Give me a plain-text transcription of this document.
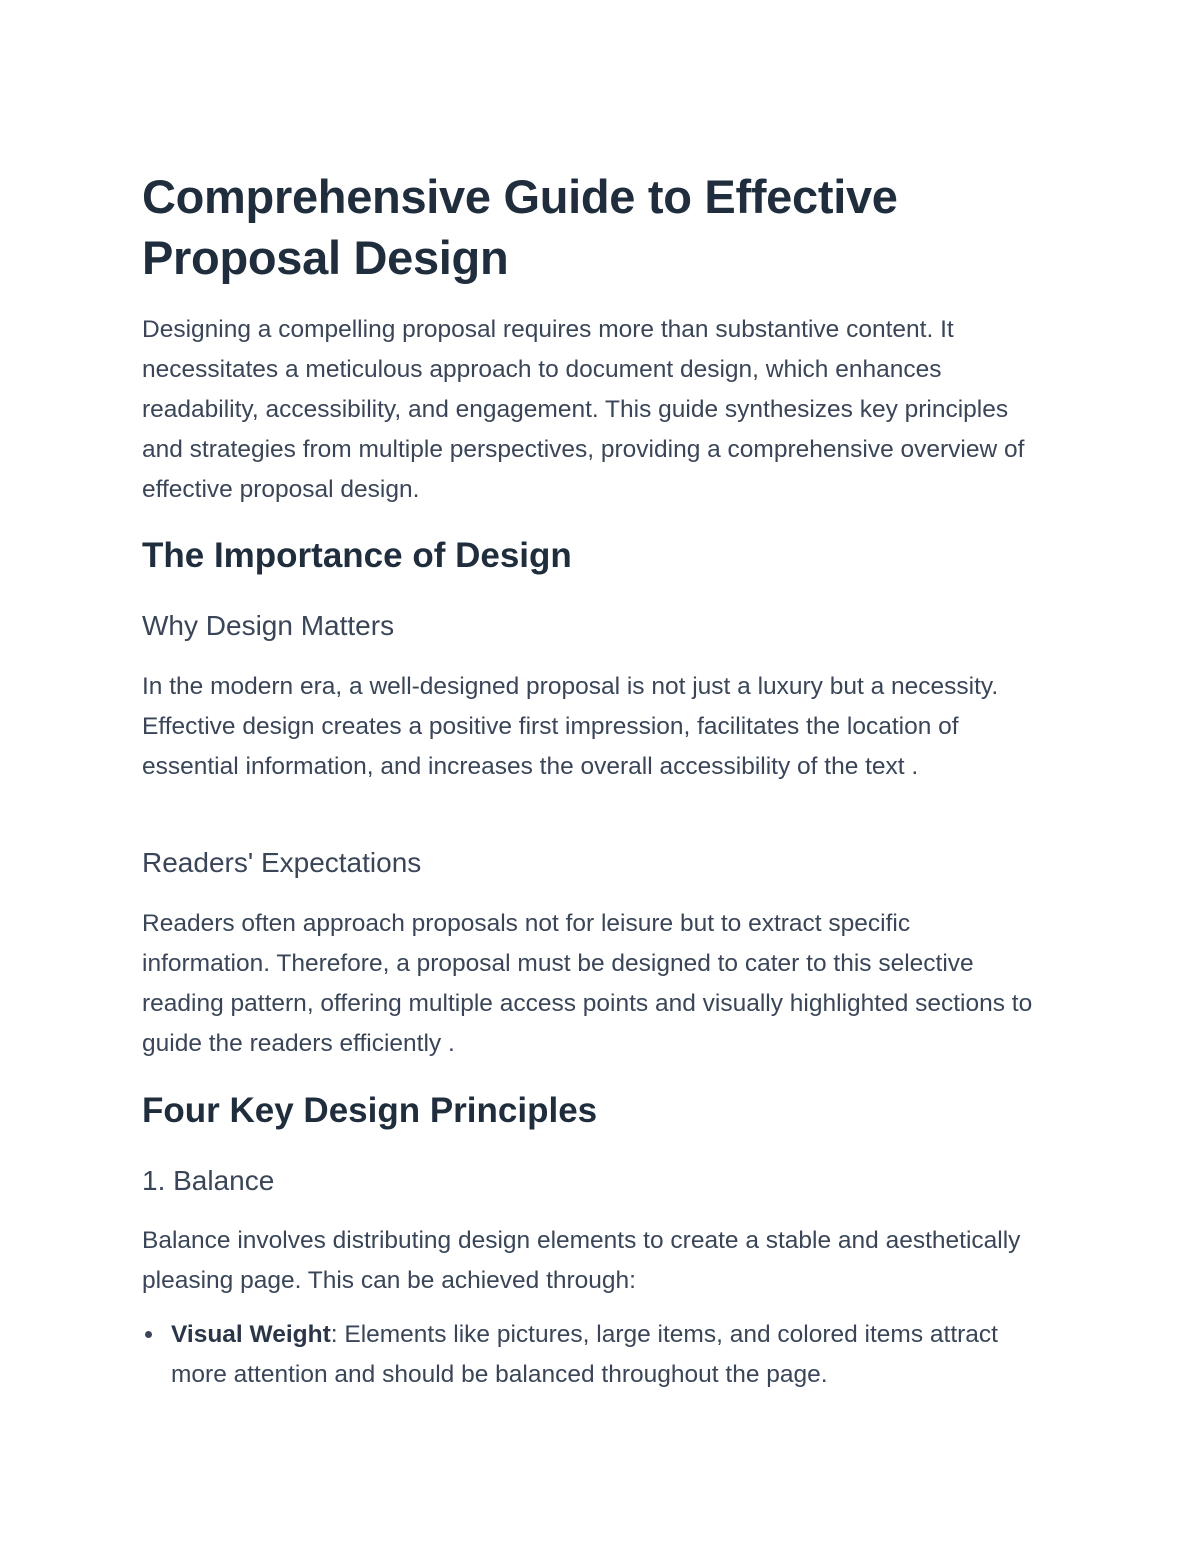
Comprehensive Guide to Effective Proposal Design

Designing a compelling proposal requires more than substantive content. It necessitates a meticulous approach to document design, which enhances readability, accessibility, and engagement. This guide synthesizes key principles and strategies from multiple perspectives, providing a comprehensive overview of effective proposal design.

The Importance of Design
Why Design Matters

In the modern era, a well-designed proposal is not just a luxury but a necessity. Effective design creates a positive first impression, facilitates the location of essential information, and increases the overall accessibility of the text .

Readers' Expectations

Readers often approach proposals not for leisure but to extract specific information. Therefore, a proposal must be designed to cater to this selective reading pattern, offering multiple access points and visually highlighted sections to guide the readers efficiently .

Four Key Design Principles
1. Balance

Balance involves distributing design elements to create a stable and aesthetically pleasing page. This can be achieved through:

Visual Weight: Elements like pictures, large items, and colored items attract more attention and should be balanced throughout the page.
